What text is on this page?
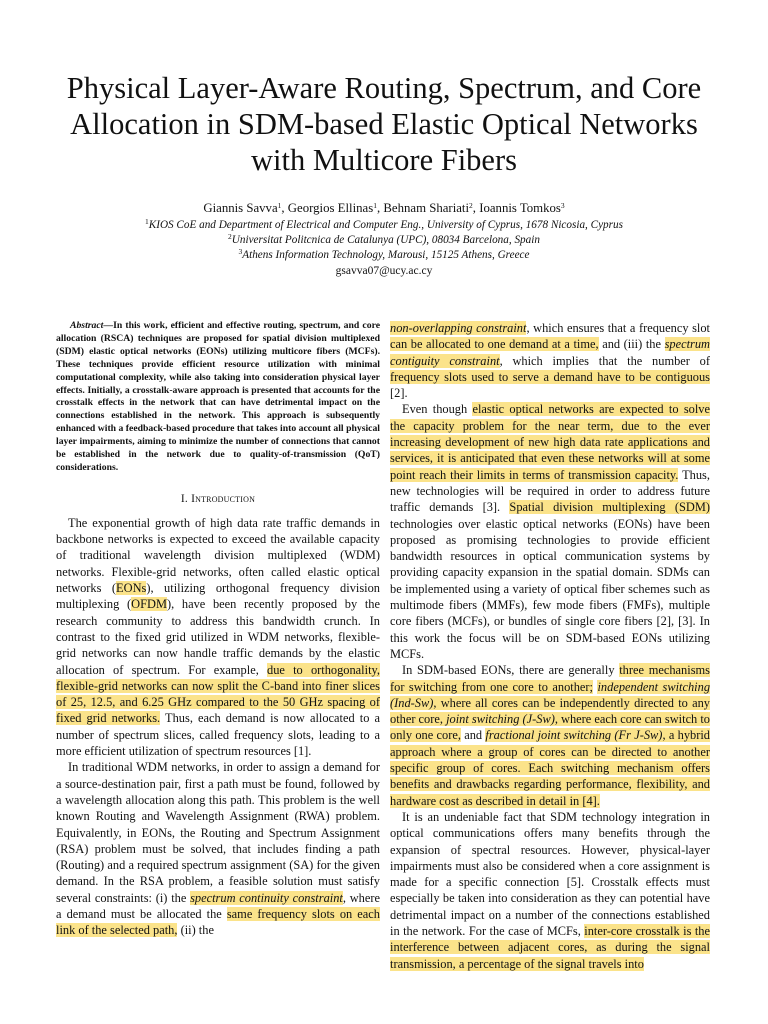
Physical Layer-Aware Routing, Spectrum, and Core
Allocation in SDM-based Elastic Optical Networks
with Multicore Fibers
Giannis Savva$^1$, Georgios Ellinas$^1$, Behnam Shariati$^2$, Ioannis Tomkos$^3$
$^1$KIOS CoE and Department of Electrical and Computer Eng., University of Cyprus, 1678 Nicosia, Cyprus
$^2$Universitat Politcnica de Catalunya (UPC), 08034 Barcelona, Spain
$^3$Athens Information Technology, Marousi, 15125 Athens, Greece
gsavva07@ucy.ac.cy

Abstract—In this work, efficient and effective routing, spectrum, and core allocation (RSCA) techniques are proposed for spatial division multiplexed (SDM) elastic optical networks (EONs) utilizing multicore fibers (MCFs). These techniques provide efficient resource utilization with minimal computational complexity, while also taking into consideration physical layer effects. Initially, a crosstalk-aware approach is presented that accounts for the crosstalk effects in the network that can have detrimental impact on the connections established in the network. This approach is subsequently enhanced with a feedback-based procedure that takes into account all physical layer impairments, aiming to minimize the number of connections that cannot be established in the network due to quality-of-transmission (QoT) considerations.

I. Introduction

The exponential growth of high data rate traffic demands in backbone networks is expected to exceed the available capacity of traditional wavelength division multiplexed (WDM) networks. Flexible-grid networks, often called elastic optical networks (EONs), utilizing orthogonal frequency division multiplexing (OFDM), have been recently proposed by the research community to address this bandwidth crunch. In contrast to the fixed grid utilized in WDM networks, flexible-grid networks can now handle traffic demands by the elastic allocation of spectrum. For example, due to orthogonality, flexible-grid networks can now split the C-band into finer slices of 25, 12.5, and 6.25 GHz compared to the 50 GHz spacing of fixed grid networks. Thus, each demand is now allocated to a number of spectrum slices, called frequency slots, leading to a more efficient utilization of spectrum resources [1].

In traditional WDM networks, in order to assign a demand for a source-destination pair, first a path must be found, followed by a wavelength allocation along this path. This problem is the well known Routing and Wavelength Assignment (RWA) problem. Equivalently, in EONs, the Routing and Spectrum Assignment (RSA) problem must be solved, that includes finding a path (Routing) and a required spectrum assignment (SA) for the given demand. In the RSA problem, a feasible solution must satisfy several constraints: (i) the spectrum continuity constraint, where a demand must be allocated the same frequency slots on each link of the selected path, (ii) the

non-overlapping constraint, which ensures that a frequency slot can be allocated to one demand at a time, and (iii) the spectrum contiguity constraint, which implies that the number of frequency slots used to serve a demand have to be contiguous [2].

Even though elastic optical networks are expected to solve the capacity problem for the near term, due to the ever increasing development of new high data rate applications and services, it is anticipated that even these networks will at some point reach their limits in terms of transmission capacity. Thus, new technologies will be required in order to address future traffic demands [3]. Spatial division multiplexing (SDM) technologies over elastic optical networks (EONs) have been proposed as promising technologies to provide efficient bandwidth resources in optical communication systems by providing capacity expansion in the spatial domain. SDMs can be implemented using a variety of optical fiber schemes such as multimode fibers (MMFs), few mode fibers (FMFs), multiple core fibers (MCFs), or bundles of single core fibers [2], [3]. In this work the focus will be on SDM-based EONs utilizing MCFs.

In SDM-based EONs, there are generally three mechanisms for switching from one core to another; independent switching (Ind-Sw), where all cores can be independently directed to any other core, joint switching (J-Sw), where each core can switch to only one core, and fractional joint switching (Fr J-Sw), a hybrid approach where a group of cores can be directed to another specific group of cores. Each switching mechanism offers benefits and drawbacks regarding performance, flexibility, and hardware cost as described in detail in [4].

It is an undeniable fact that SDM technology integration in optical communications offers many benefits through the expansion of spectral resources. However, physical-layer impairments must also be considered when a core assignment is made for a specific connection [5]. Crosstalk effects must especially be taken into consideration as they can potential have detrimental impact on a number of the connections established in the network. For the case of MCFs, inter-core crosstalk is the interference between adjacent cores, as during the signal transmission, a percentage of the signal travels into
